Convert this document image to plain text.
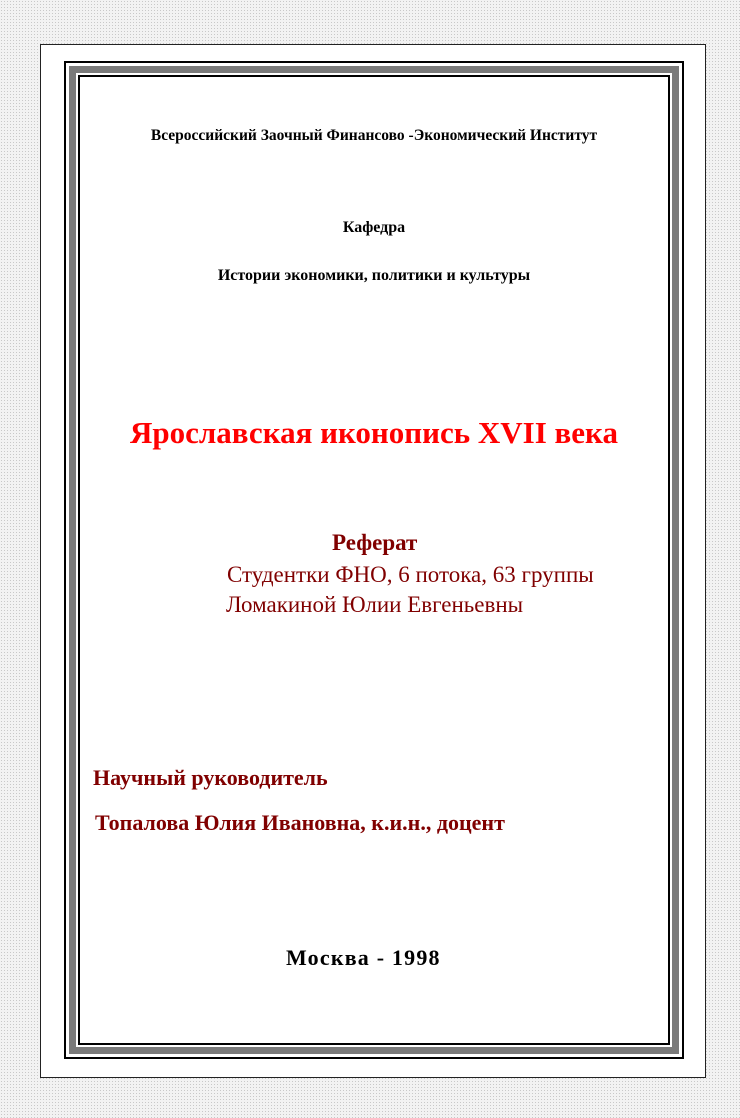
Всероссийский Заочный Финансово -Экономический Институт
Кафедра
Истории экономики, политики и культуры
Ярославская иконопись XVII века
Реферат
Студентки ФНО, 6 потока, 63 группы
Ломакиной Юлии Евгеньевны
Научный руководитель
Топалова Юлия Ивановна, к.и.н., доцент
Москва - 1998
